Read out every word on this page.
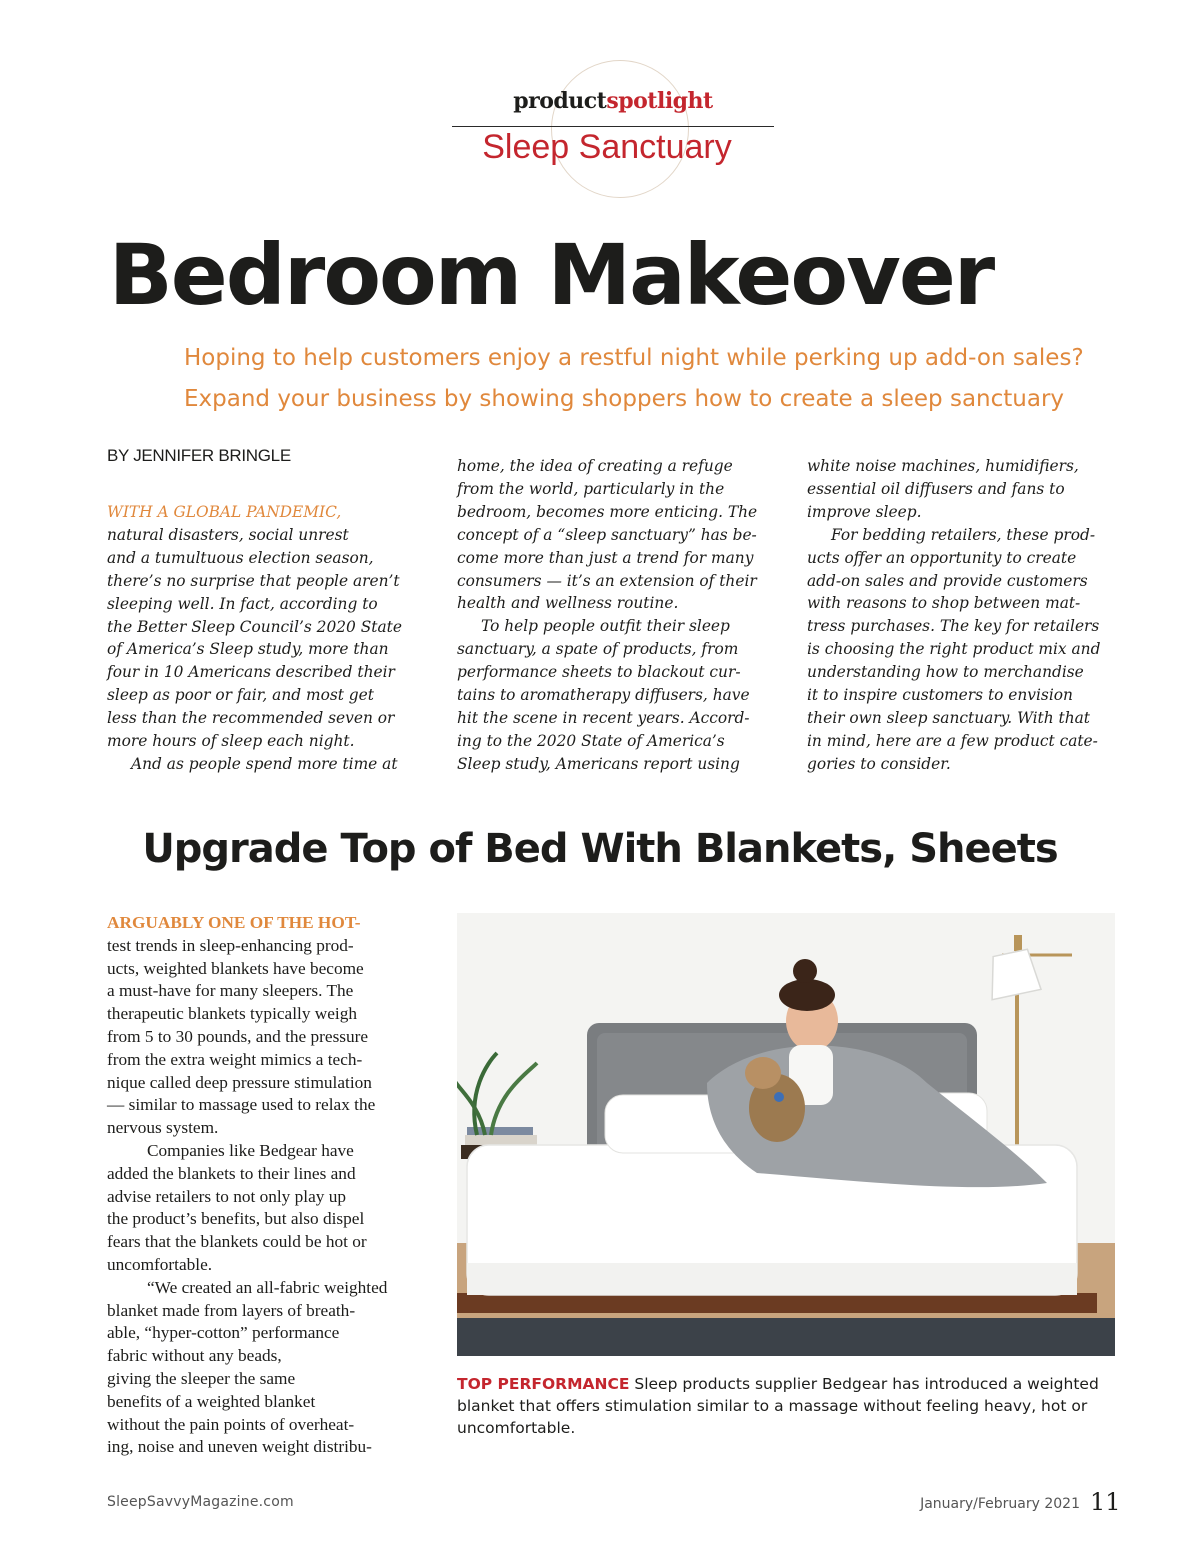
productspotlight
Sleep Sanctuary
Bedroom Makeover
Hoping to help customers enjoy a restful night while perking up add-on sales?
Expand your business by showing shoppers how to create a sleep sanctuary
BY JENNIFER BRINGLE
WITH A GLOBAL PANDEMIC,
natural disasters, social unrest
and a tumultuous election season,
there’s no surprise that people aren’t
sleeping well. In fact, according to
the Better Sleep Council’s 2020 State
of America’s Sleep study, more than
four in 10 Americans described their
sleep as poor or fair, and most get
less than the recommended seven or
more hours of sleep each night.
And as people spend more time at
home, the idea of creating a refuge
from the world, particularly in the
bedroom, becomes more enticing. The
concept of a “sleep sanctuary” has be-
come more than just a trend for many
consumers — it’s an extension of their
health and wellness routine.
To help people outfit their sleep
sanctuary, a spate of products, from
performance sheets to blackout cur-
tains to aromatherapy diffusers, have
hit the scene in recent years. Accord-
ing to the 2020 State of America’s
Sleep study, Americans report using
white noise machines, humidifiers,
essential oil diffusers and fans to
improve sleep.
For bedding retailers, these prod-
ucts offer an opportunity to create
add-on sales and provide customers
with reasons to shop between mat-
tress purchases. The key for retailers
is choosing the right product mix and
understanding how to merchandise
it to inspire customers to envision
their own sleep sanctuary. With that
in mind, here are a few product cate-
gories to consider.
Upgrade Top of Bed With Blankets, Sheets
ARGUABLY ONE OF THE HOT-
test trends in sleep-enhancing prod-
ucts, weighted blankets have become
a must-have for many sleepers. The
therapeutic blankets typically weigh
from 5 to 30 pounds, and the pressure
from the extra weight mimics a tech-
nique called deep pressure stimulation
— similar to massage used to relax the
nervous system.
Companies like Bedgear have
added the blankets to their lines and
advise retailers to not only play up
the product’s benefits, but also dispel
fears that the blankets could be hot or
uncomfortable.
“We created an all-fabric weighted
blanket made from layers of breath-
able, “hyper-cotton” performance
fabric without any beads,
giving the sleeper the same
benefits of a weighted blanket
without the pain points of overheat-
ing, noise and uneven weight distribu-
TOP PERFORMANCE Sleep products supplier Bedgear has introduced a weighted
blanket that offers stimulation similar to a massage without feeling heavy, hot or
uncomfortable.
SleepSavvyMagazine.com	January/February 2021 11
